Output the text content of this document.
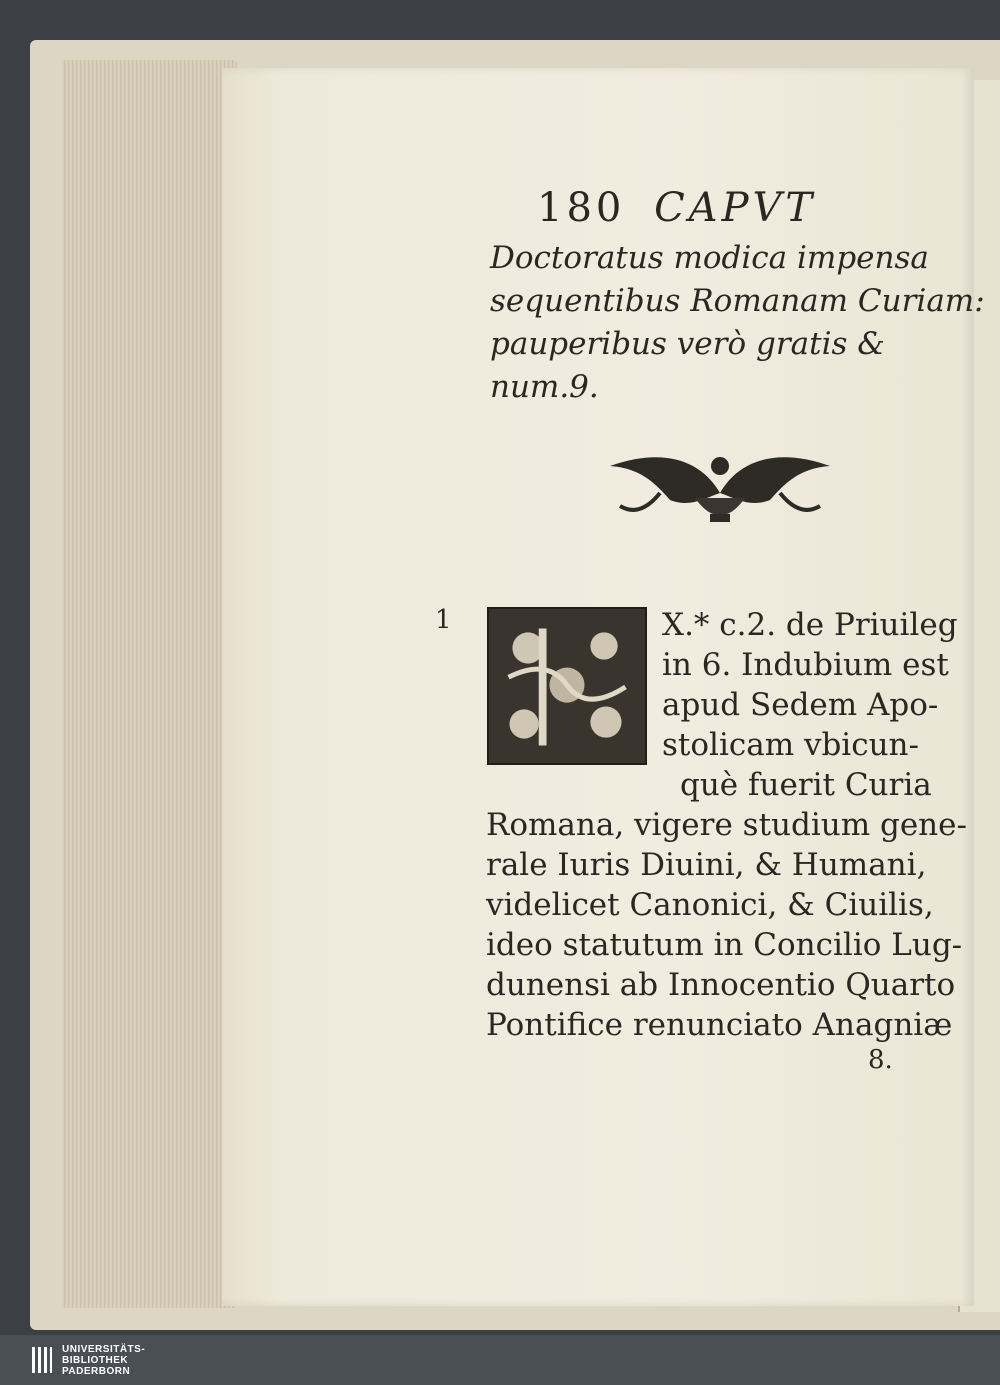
180 CAPVT
Doctoratus modica impensa
sequentibus Romanam Curiam:
pauperibus verò gratis &
num.9.
1	X.* c.2. de Priuileg
in 6. Indubium est
apud Sedem Apo-
stolicam vbicun-
què fuerit Curia
Romana, vigere studium gene-
rale Iuris Diuini, & Humani,
videlicet Canonici, & Ciuilis,
ideo statutum in Concilio Lug-
dunensi ab Innocentio Quarto
Pontifice renunciato Anagniæ
8.
UNIVERSITÄTS-
BIBLIOTHEK
PADERBORN
